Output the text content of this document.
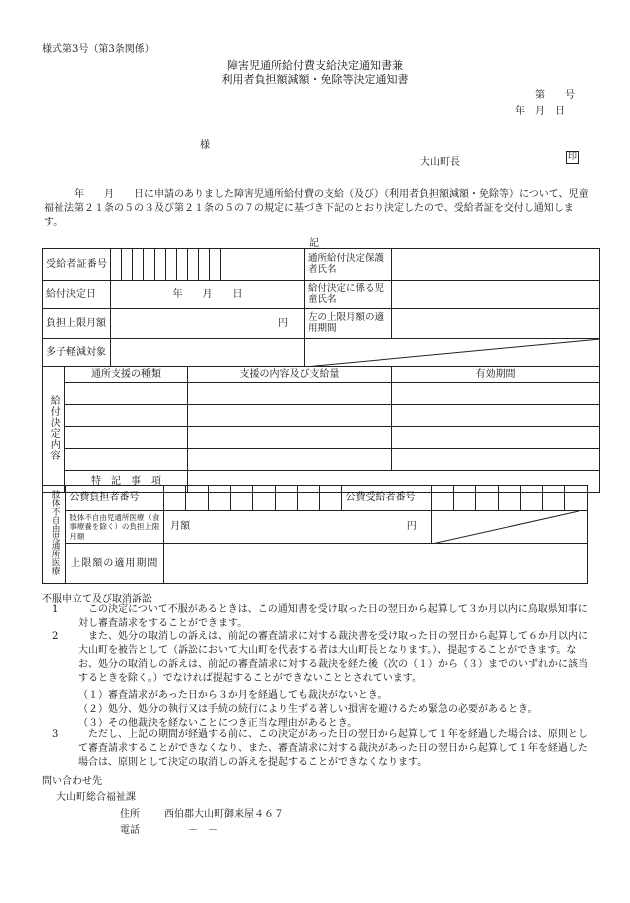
様式第3号（第3条関係）
障害児通所給付費支給決定通知書兼
利用者負担額減額・免除等決定通知書
第　　号
年　月　日
様
大山町長	印
　　　年　　月　　日に申請のありました障害児通所給付費の支給（及び）（利用者負担額減額・免除等）について、児童福祉法第２１条の５の３及び第２１条の５の７の規定に基づき下記のとおり決定したので、受給者証を交付し通知します。
記
受給者証番号													通所給付決定保護者氏名	
給付決定日		年　　月　　日											給付決定に係る児童氏名	
負担上限月額		円											左の上限月額の適用期間	
多子軽減対象		

給付決定内容	通所支援の種類								支援の内容及び支給量					有効期間

	特　記　事　項													
肢体不自由児通所医療	公費負担者番号									公費受給者番号							
	肢体不自由児通所医療（食事療養を除く）の負担上限月額	月額 円

	上限額の適用期間																
不服申立て及び取消訴訟
1	この決定について不服があるときは、この通知書を受け取った日の翌日から起算して３か月以内に鳥取県知事に対し審査請求をすることができます。
2	また、処分の取消しの訴えは、前記の審査請求に対する裁決書を受け取った日の翌日から起算して６か月以内に大山町を被告として（訴訟において大山町を代表する者は大山町長となります。）、提起することができます。なお、処分の取消しの訴えは、前記の審査請求に対する裁決を経た後（次の（１）から（３）までのいずれかに該当するときを除く。）でなければ提起することができないこととされています。
（１）審査請求があった日から３か月を経過しても裁決がないとき。
（２）処分、処分の執行又は手続の続行により生ずる著しい損害を避けるため緊急の必要があるとき。
（３）その他裁決を経ないことにつき正当な理由があるとき。
3	ただし、上記の期間が経過する前に、この決定があった日の翌日から起算して１年を経過した場合は、原則として審査請求することができなくなり、また、審査請求に対する裁決があった日の翌日から起算して１年を経過した場合は、原則として決定の取消しの訴えを提起することができなくなります。
問い合わせ先
大山町総合福祉課
住所 西伯郡大山町御来屋４６７
電話	－　－
